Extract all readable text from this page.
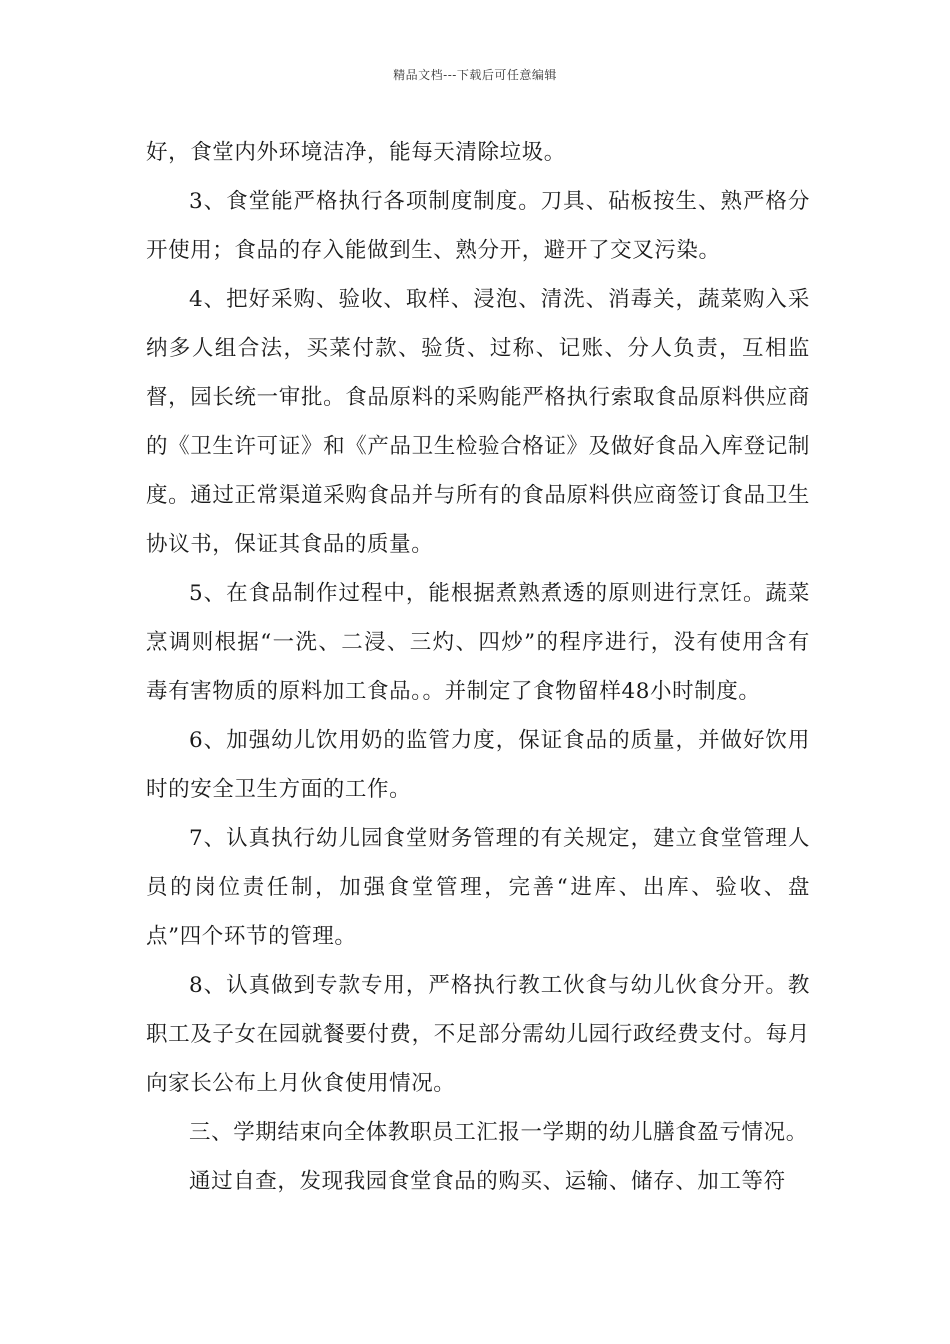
精品文档---下载后可任意编辑

好，食堂内外环境洁净，能每天清除垃圾。

3、食堂能严格执行各项制度制度。刀具、砧板按生、熟严格分开使用；食品的存入能做到生、熟分开，避开了交叉污染。

4、把好采购、验收、取样、浸泡、清洗、消毒关，蔬菜购入采纳多人组合法，买菜付款、验货、过称、记账、分人负责，互相监督，园长统一审批。食品原料的采购能严格执行索取食品原料供应商的《卫生许可证》和《产品卫生检验合格证》及做好食品入库登记制度。通过正常渠道采购食品并与所有的食品原料供应商签订食品卫生协议书，保证其食品的质量。

5、在食品制作过程中，能根据煮熟煮透的原则进行烹饪。蔬菜烹调则根据“一洗、二浸、三灼、四炒”的程序进行，没有使用含有毒有害物质的原料加工食品。。并制定了食物留样48小时制度。

6、加强幼儿饮用奶的监管力度，保证食品的质量，并做好饮用时的安全卫生方面的工作。

7、认真执行幼儿园食堂财务管理的有关规定，建立食堂管理人员的岗位责任制，加强食堂管理，完善“进库、出库、验收、盘点”四个环节的管理。

8、认真做到专款专用，严格执行教工伙食与幼儿伙食分开。教职工及子女在园就餐要付费，不足部分需幼儿园行政经费支付。每月向家长公布上月伙食使用情况。

三、学期结束向全体教职员工汇报一学期的幼儿膳食盈亏情况。

通过自查，发现我园食堂食品的购买、运输、储存、加工等符
